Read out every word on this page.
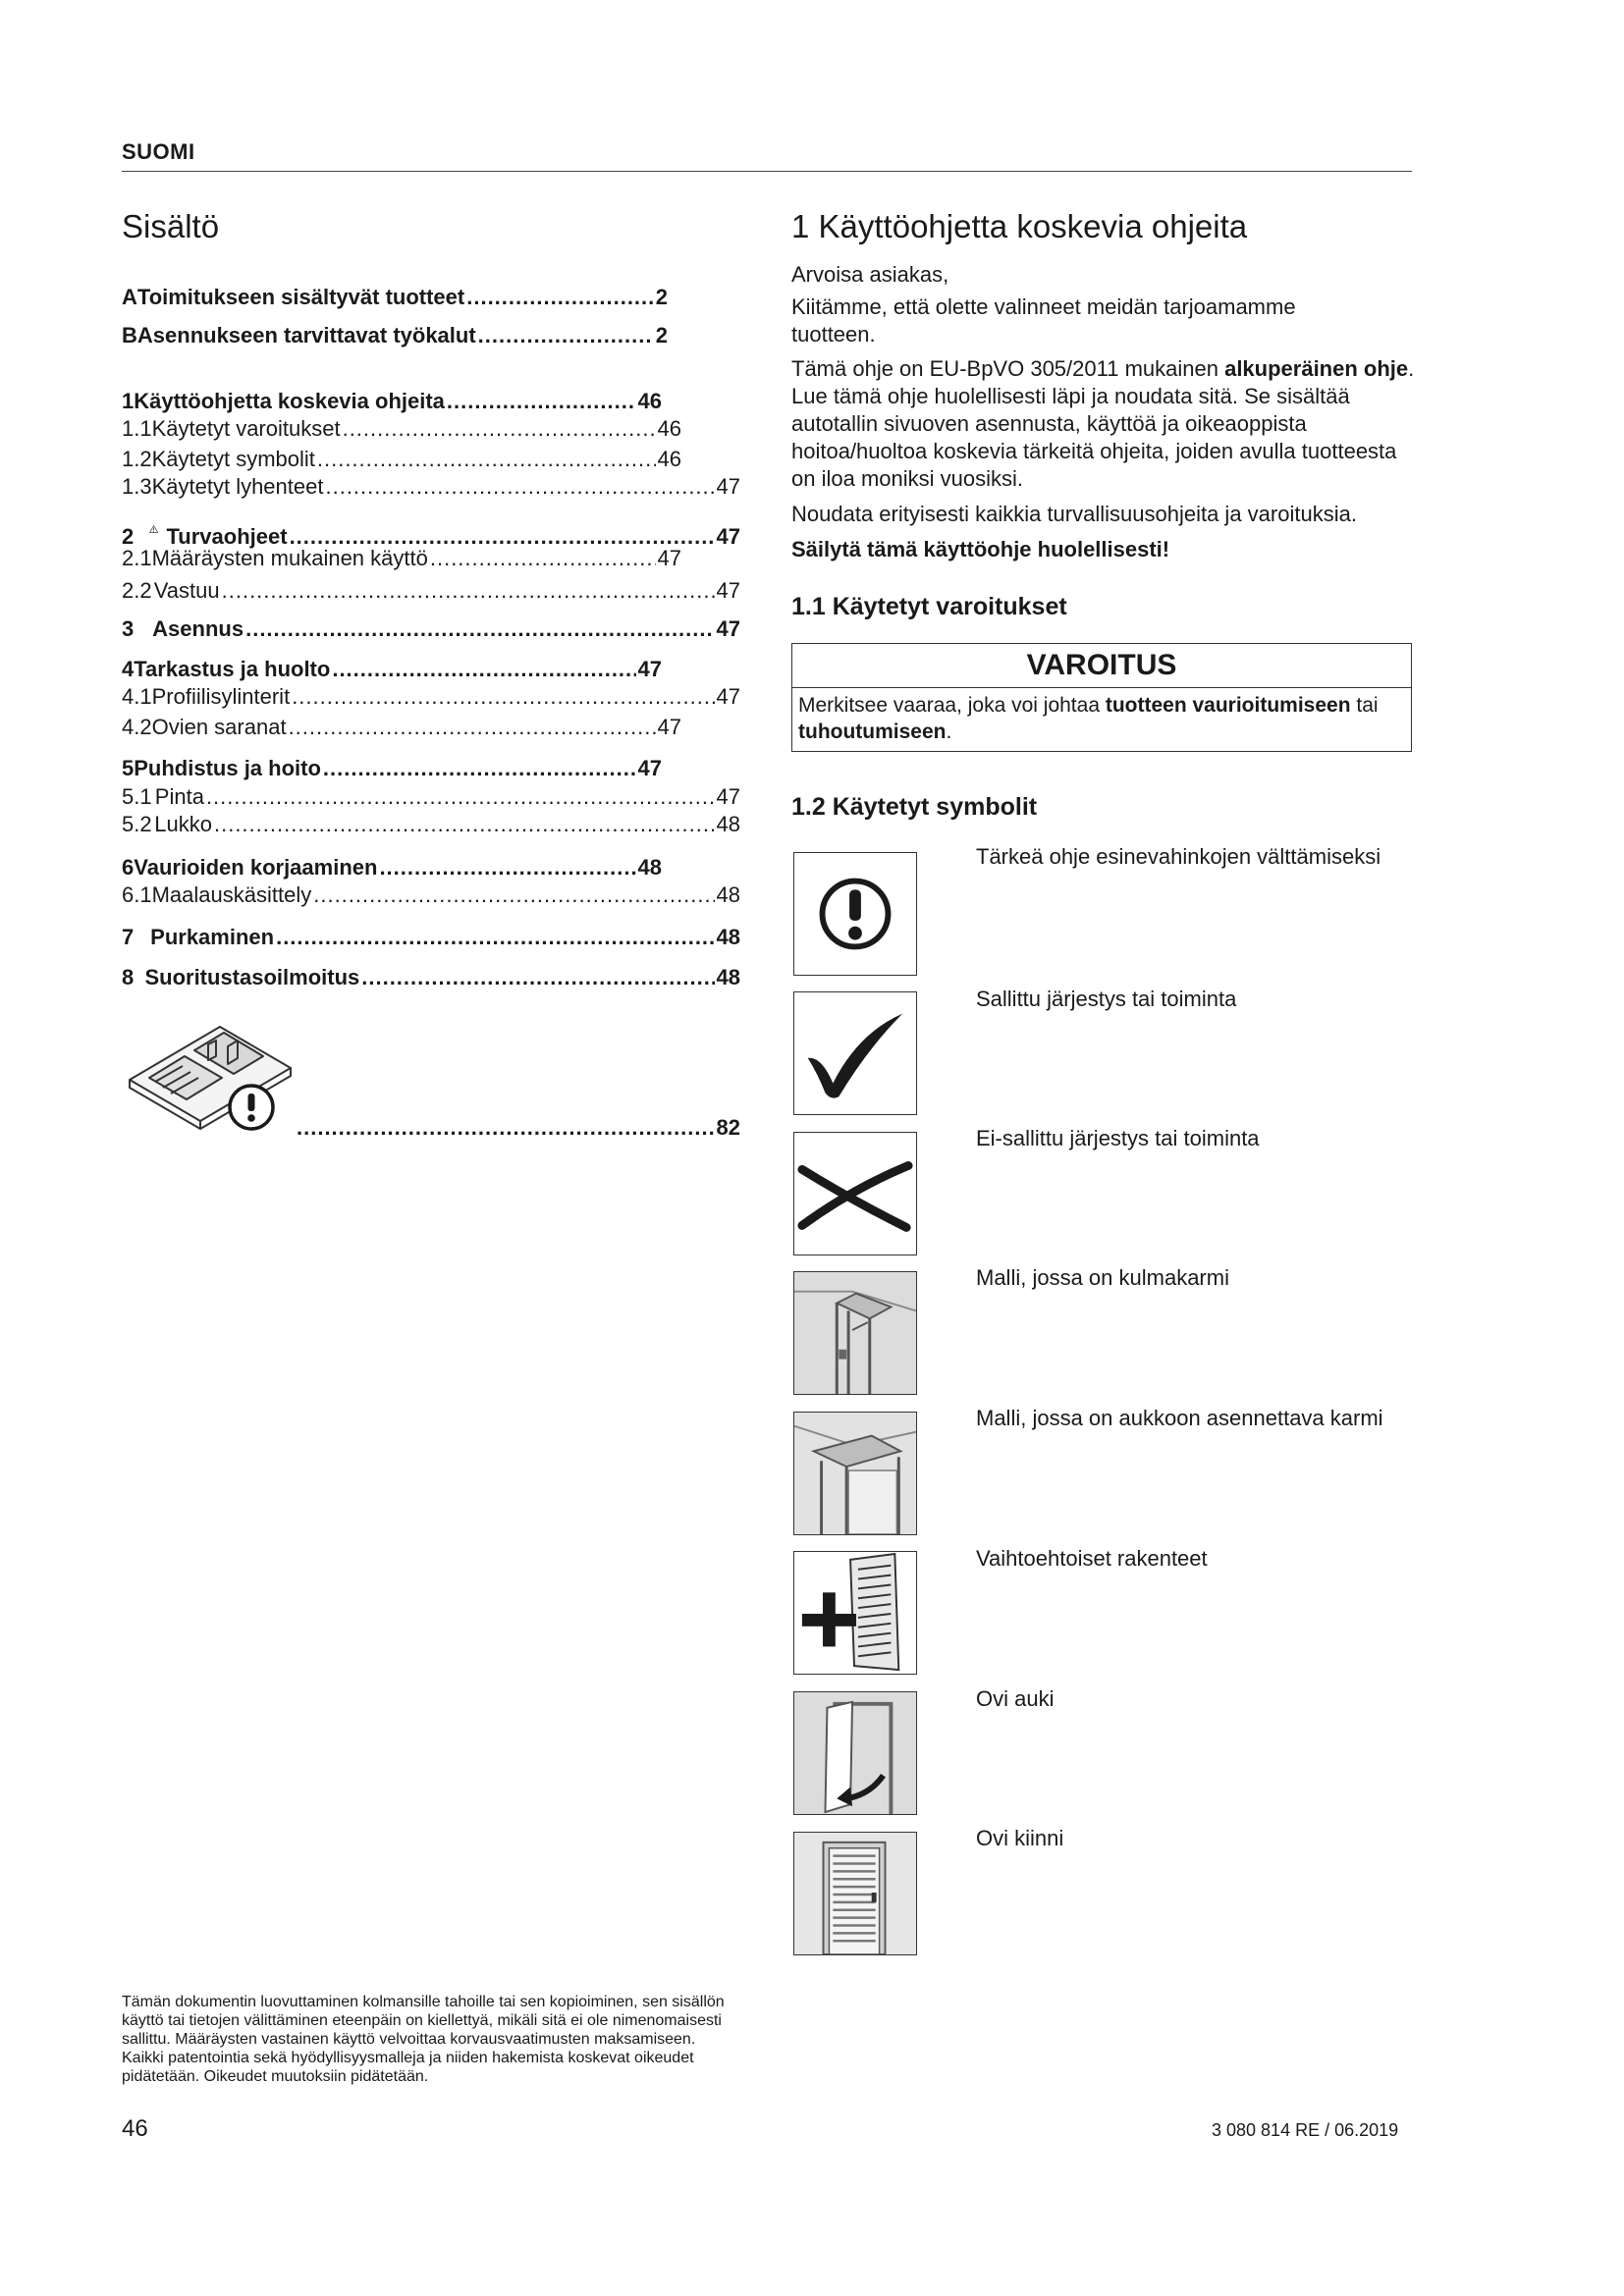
SUOMI
Sisältö
A Toimitukseen sisältyvät tuotteet .....	2
B Asennukseen tarvittavat työkalut .....	2
1 Käyttöohjetta koskevia ohjeita .....	46
1.1 Käytetyt varoitukset .....	46
1.2 Käytetyt symbolit .....	46
1.3 Käytetyt lyhenteet .....	47
2	Turvaohjeet .....	47
2.1 Määräysten mukainen käyttö .....	47
2.2 Vastuu .....	47
3 Asennus .....	47
4 Tarkastus ja huolto .....	47
4.1 Profiilisylinterit .....	47
4.2 Ovien saranat .....	47
5 Puhdistus ja hoito .....	47
5.1 Pinta .....	47
5.2 Lukko .....	48
6 Vaurioiden korjaaminen .....	48
6.1 Maalauskäsittely .....	48
7 Purkaminen .....	48
8 Suoritustasoilmoitus .....	48
.....
82
1 Käyttöohjetta koskevia ohjeita

Arvoisa asiakas,

Kiitämme, että olette valinneet meidän tarjoamamme tuotteen.

Tämä ohje on EU-BpVO 305/2011 mukainen alkuperäinen ohje. Lue tämä ohje huolellisesti läpi ja noudata sitä. Se sisältää autotallin sivuoven asennusta, käyttöä ja oikeaoppista hoitoa/huoltoa koskevia tärkeitä ohjeita, joiden avulla tuotteesta on iloa moniksi vuosiksi.

Noudata erityisesti kaikkia turvallisuusohjeita ja varoituksia.

Säilytä tämä käyttöohje huolellisesti!

1.1 Käytetyt varoitukset
VAROITUS
Merkitsee vaaraa, joka voi johtaa tuotteen vaurioitumiseen tai tuhoutumiseen.
1.2 Käytetyt symbolit
Tärkeä ohje esinevahinkojen välttämiseksi
Sallittu järjestys tai toiminta
Ei-sallittu järjestys tai toiminta
Malli, jossa on kulmakarmi
Malli, jossa on aukkoon asennettava karmi
Vaihtoehtoiset rakenteet
Ovi auki
Ovi kiinni
Tämän dokumentin luovuttaminen kolmansille tahoille tai sen kopioiminen, sen sisällön käyttö tai tietojen välittäminen eteenpäin on kiellettyä, mikäli sitä ei ole nimenomaisesti sallittu. Määräysten vastainen käyttö velvoittaa korvausvaatimusten maksamiseen. Kaikki patentointia sekä hyödyllisyysmalleja ja niiden hakemista koskevat oikeudet pidätetään. Oikeudet muutoksiin pidätetään.
46	3 080 814 RE / 06.2019
